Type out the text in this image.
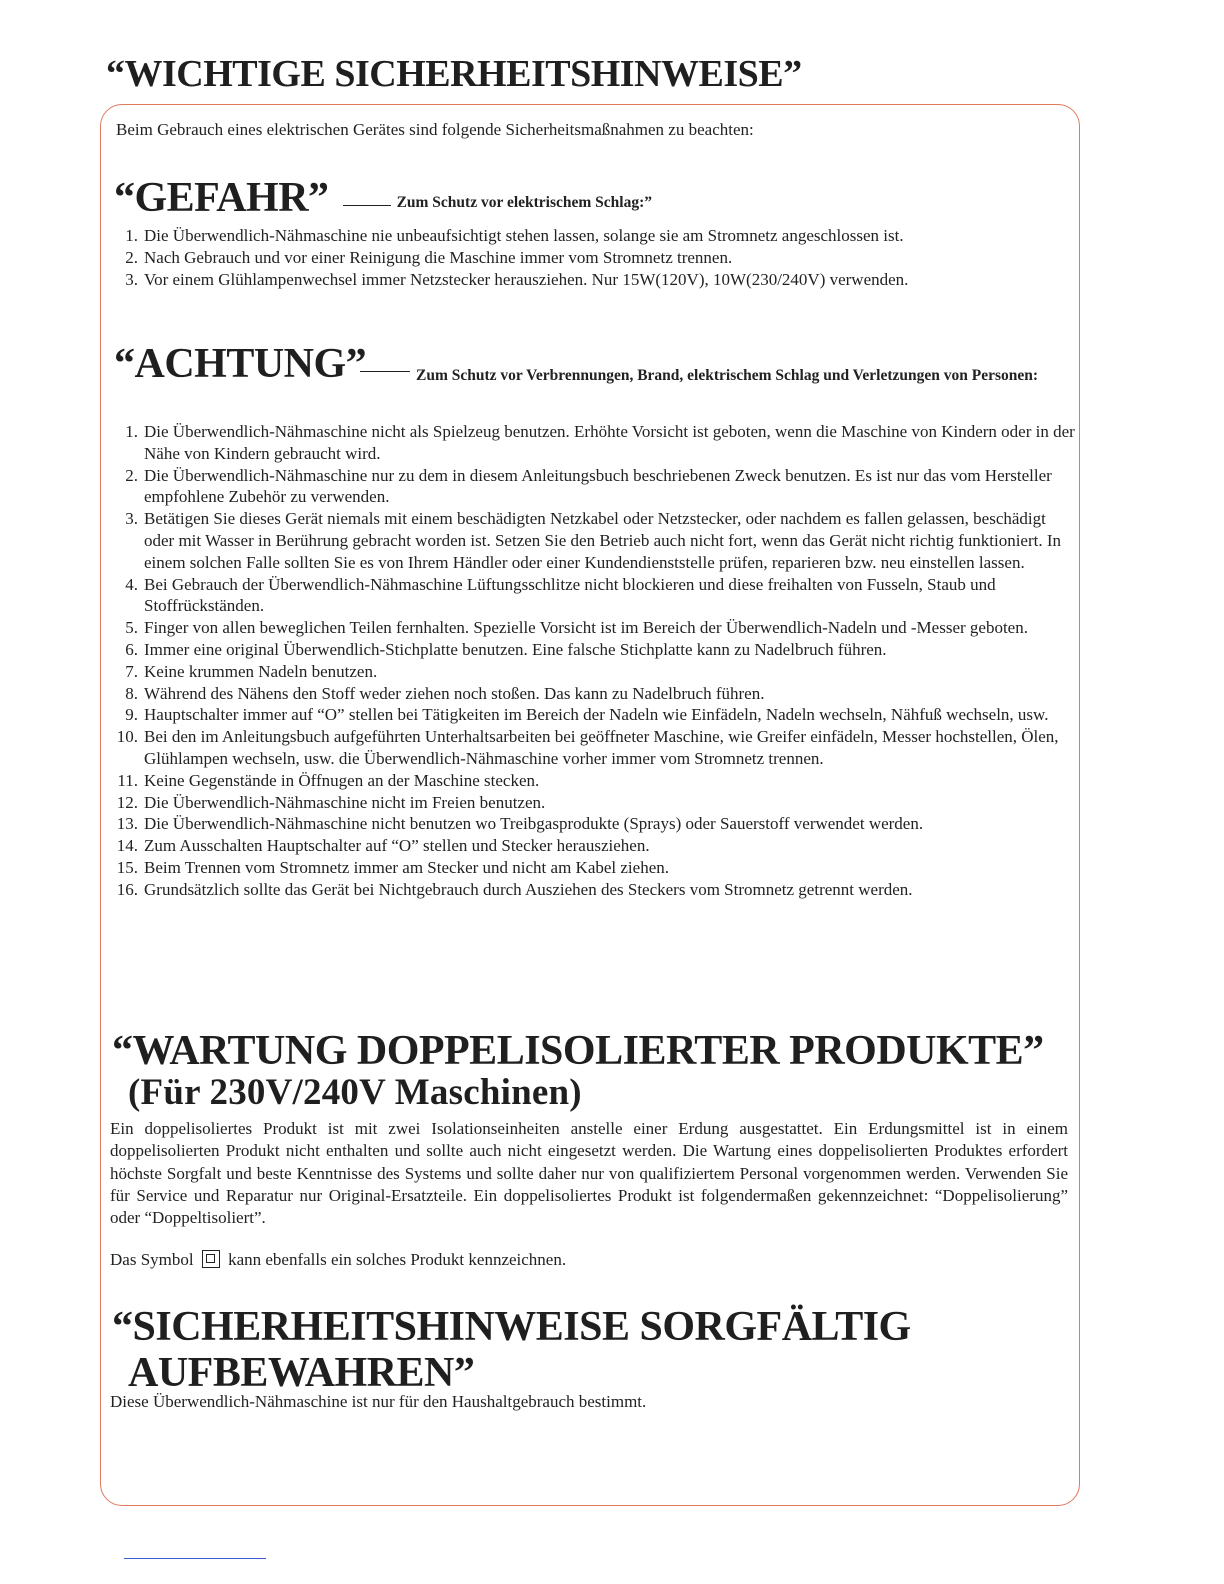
“WICHTIGE SICHERHEITSHINWEISE”

Beim Gebrauch eines elektrischen Gerätes sind folgende Sicherheitsmaßnahmen zu beachten:

“GEFAHR”	Zum Schutz vor elektrischem Schlag:”
1. Die Überwendlich-Nähmaschine nie unbeaufsichtigt stehen lassen, solange sie am Stromnetz angeschlossen ist.
2. Nach Gebrauch und vor einer Reinigung die Maschine immer vom Stromnetz trennen.
3. Vor einem Glühlampenwechsel immer Netzstecker herausziehen. Nur 15W(120V), 10W(230/240V) verwenden.
“ACHTUNG”	Zum Schutz vor Verbrennungen, Brand, elektrischem Schlag und Verletzungen von Personen:

1. Die Überwendlich-Nähmaschine nicht als Spielzeug benutzen. Erhöhte Vorsicht ist geboten, wenn die Maschine von Kindern oder in der Nähe von Kindern gebraucht wird.
2. Die Überwendlich-Nähmaschine nur zu dem in diesem Anleitungsbuch beschriebenen Zweck benutzen. Es ist nur das vom Hersteller empfohlene Zubehör zu verwenden.
3. Betätigen Sie dieses Gerät niemals mit einem beschädigten Netzkabel oder Netzstecker, oder nachdem es fallen gelassen, beschädigt oder mit Wasser in Berührung gebracht worden ist. Setzen Sie den Betrieb auch nicht fort, wenn das Gerät nicht richtig funktioniert. In einem solchen Falle sollten Sie es von Ihrem Händler oder einer Kundendienststelle prüfen, reparieren bzw. neu einstellen lassen.
4. Bei Gebrauch der Überwendlich-Nähmaschine Lüftungsschlitze nicht blockieren und diese freihalten von Fusseln, Staub und Stoffrückständen.
5. Finger von allen beweglichen Teilen fernhalten. Spezielle Vorsicht ist im Bereich der Überwendlich-Nadeln und -Messer geboten.
6. Immer eine original Überwendlich-Stichplatte benutzen. Eine falsche Stichplatte kann zu Nadelbruch führen.
7. Keine krummen Nadeln benutzen.
8. Während des Nähens den Stoff weder ziehen noch stoßen. Das kann zu Nadelbruch führen.
9. Hauptschalter immer auf “O” stellen bei Tätigkeiten im Bereich der Nadeln wie Einfädeln, Nadeln wechseln, Nähfuß wechseln, usw.
10. Bei den im Anleitungsbuch aufgeführten Unterhaltsarbeiten bei geöffneter Maschine, wie Greifer einfädeln, Messer hochstellen, Ölen, Glühlampen wechseln, usw. die Überwendlich-Nähmaschine vorher immer vom Stromnetz trennen.
11. Keine Gegenstände in Öffnugen an der Maschine stecken.
12. Die Überwendlich-Nähmaschine nicht im Freien benutzen.
13. Die Überwendlich-Nähmaschine nicht benutzen wo Treibgasprodukte (Sprays) oder Sauerstoff verwendet werden.
14. Zum Ausschalten Hauptschalter auf “O” stellen und Stecker herausziehen.
15. Beim Trennen vom Stromnetz immer am Stecker und nicht am Kabel ziehen.
16. Grundsätzlich sollte das Gerät bei Nichtgebrauch durch Ausziehen des Steckers vom Stromnetz getrennt werden.
“WARTUNG DOPPELISOLIERTER PRODUKTE”
(Für 230V/240V Maschinen)

Ein doppelisoliertes Produkt ist mit zwei Isolationseinheiten anstelle einer Erdung ausgestattet. Ein Erdungsmittel ist in einem doppelisolierten Produkt nicht enthalten und sollte auch nicht eingesetzt werden. Die Wartung eines doppelisolierten Produktes erfordert höchste Sorgfalt und beste Kenntnisse des Systems und sollte daher nur von qualifiziertem Personal vorgenommen werden. Verwenden Sie für Service und Reparatur nur Original-Ersatzteile. Ein doppelisoliertes Produkt ist folgendermaßen gekennzeichnet: “Doppelisolierung” oder “Doppeltisoliert”.

Das Symbol kann ebenfalls ein solches Produkt kennzeichnen.

“SICHERHEITSHINWEISE SORGFÄLTIG
AUFBEWAHREN”

Diese Überwendlich-Nähmaschine ist nur für den Haushaltgebrauch bestimmt.
